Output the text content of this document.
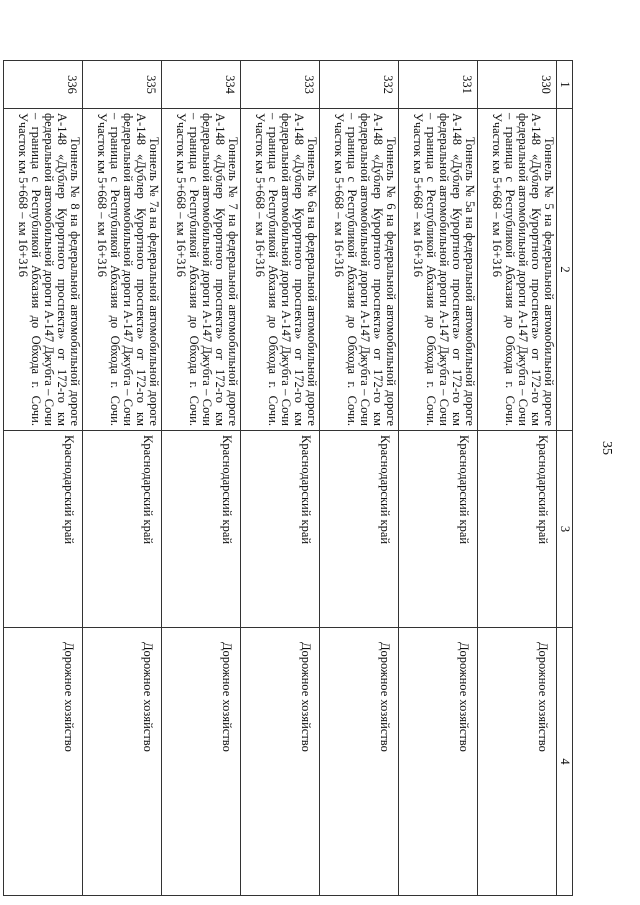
35
1	2	3	4
330	Тоннель № 5 на федеральной автомобильной дороге А-148 «Дублер Курортного проспекта» от 172-го км федеральной автомобильной дороги А-147 Джубга – Сочи – граница с Республикой Абхазия до Обхода г. Сочи. Участок км 5+668 – км 16+316	Краснодарский край	Дорожное хозяйство
331	Тоннель № 5а на федеральной автомобильной дороге А-148 «Дублер Курортного проспекта» от 172-го км федеральной автомобильной дороги А-147 Джубга – Сочи – граница с Республикой Абхазия до Обхода г. Сочи. Участок км 5+668 – км 16+316	Краснодарский край	Дорожное хозяйство
332	Тоннель № 6 на федеральной автомобильной дороге А-148 «Дублер Курортного проспекта» от 172-го км федеральной автомобильной дороги А-147 Джубга – Сочи – граница с Республикой Абхазия до Обхода г. Сочи. Участок км 5+668 – км 16+316	Краснодарский край	Дорожное хозяйство
333	Тоннель № 6а на федеральной автомобильной дороге А-148 «Дублер Курортного проспекта» от 172-го км федеральной автомобильной дороги А-147 Джубга – Сочи – граница с Республикой Абхазия до Обхода г. Сочи. Участок км 5+668 – км 16+316	Краснодарский край	Дорожное хозяйство
334	Тоннель № 7 на федеральной автомобильной дороге А-148 «Дублер Курортного проспекта» от 172-го км федеральной автомобильной дороги А-147 Джубга – Сочи – граница с Республикой Абхазия до Обхода г. Сочи. Участок км 5+668 – км 16+316	Краснодарский край	Дорожное хозяйство
335	Тоннель № 7а на федеральной автомобильной дороге А-148 «Дублер Курортного проспекта» от 172-го км федеральной автомобильной дороги А-147 Джубга – Сочи – граница с Республикой Абхазия до Обхода г. Сочи. Участок км 5+668 – км 16+316	Краснодарский край	Дорожное хозяйство
336	Тоннель № 8 на федеральной автомобильной дороге А-148 «Дублер Курортного проспекта» от 172-го км федеральной автомобильной дороги А-147 Джубга – Сочи – граница с Республикой Абхазия до Обхода г. Сочи. Участок км 5+668 – км 16+316	Краснодарский край	Дорожное хозяйство
